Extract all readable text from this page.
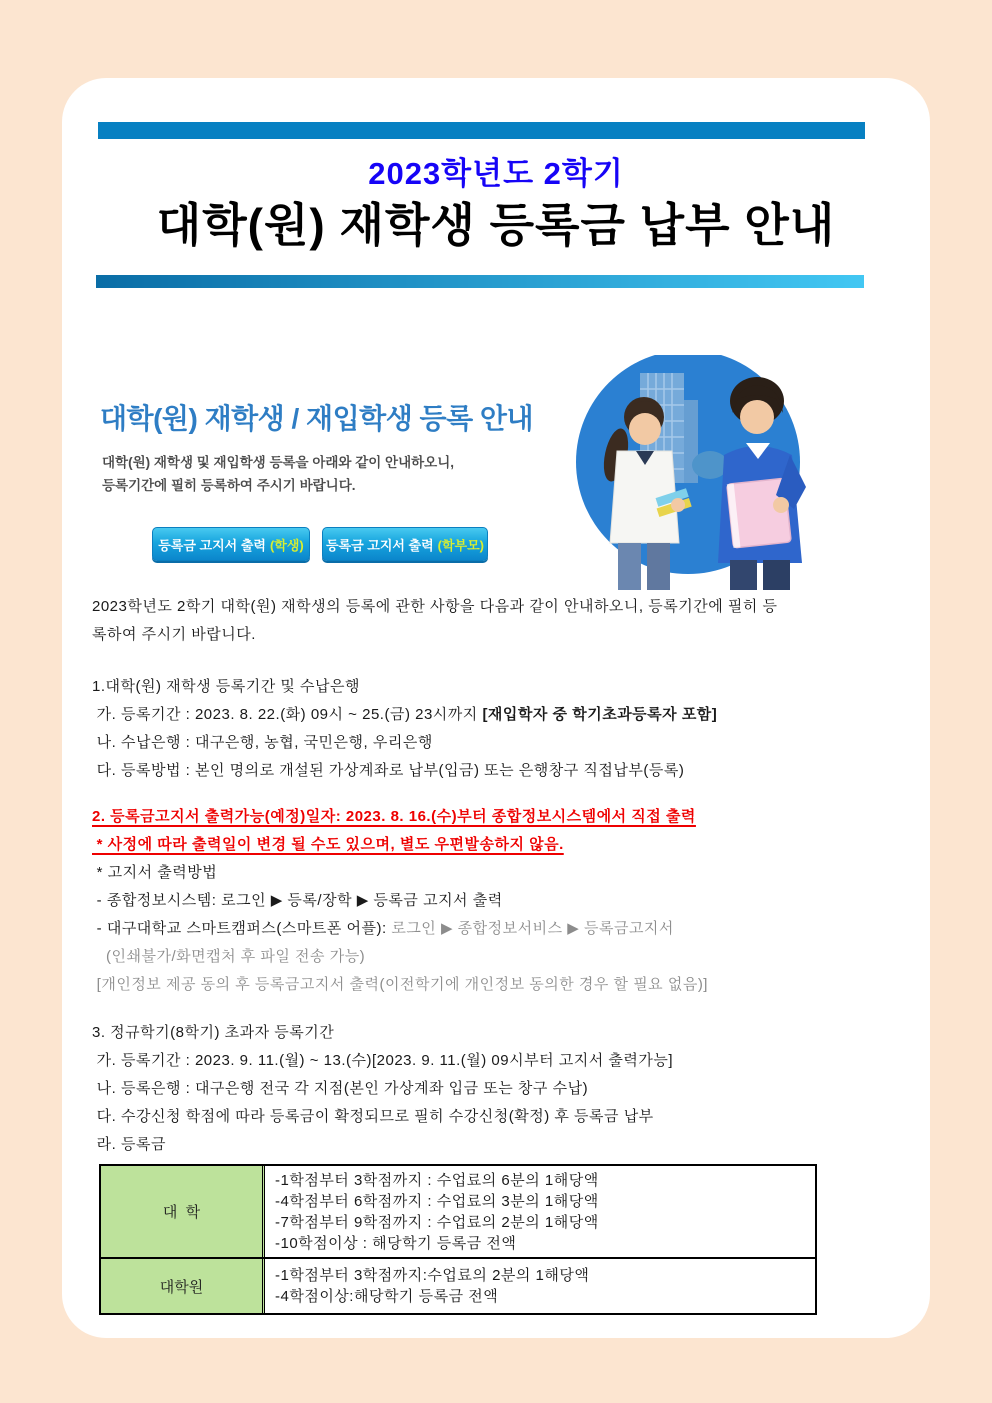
2023학년도 2학기
대학(원) 재학생 등록금 납부 안내
대학(원) 재학생 / 재입학생 등록 안내
대학(원) 재학생 및 재입학생 등록을 아래와 같이 안내하오니,
등록기간에 필히 등록하여 주시기 바랍니다.
등록금 고지서 출력 (학생) 등록금 고지서 출력 (학부모)
2023학년도 2학기 대학(원) 재학생의 등록에 관한 사항을 다음과 같이 안내하오니, 등록기간에 필히 등
록하여 주시기 바랍니다.
1.대학(원) 재학생 등록기간 및 수납은행
가. 등록기간 : 2023. 8. 22.(화) 09시 ~ 25.(금) 23시까지 [재입학자 중 학기초과등록자 포함]
나. 수납은행 : 대구은행, 농협, 국민은행, 우리은행
다. 등록방법 : 본인 명의로 개설된 가상계좌로 납부(입금) 또는 은행창구 직접납부(등록)
2. 등록금고지서 출력가능(예정)일자: 2023. 8. 16.(수)부터 종합정보시스템에서 직접 출력
* 사정에 따라 출력일이 변경 될 수도 있으며, 별도 우편발송하지 않음.
* 고지서 출력방법
- 종합정보시스템: 로그인 ▶ 등록/장학 ▶ 등록금 고지서 출력
- 대구대학교 스마트캠퍼스(스마트폰 어플): 로그인 ▶ 종합정보서비스 ▶ 등록금고지서
(인쇄불가/화면캡처 후 파일 전송 가능)
[개인정보 제공 동의 후 등록금고지서 출력(이전학기에 개인정보 동의한 경우 할 필요 없음)]
3. 정규학기(8학기) 초과자 등록기간
가. 등록기간 : 2023. 9. 11.(월) ~ 13.(수)[2023. 9. 11.(월) 09시부터 고지서 출력가능]
나. 등록은행 : 대구은행 전국 각 지점(본인 가상계좌 입금 또는 창구 수납)
다. 수강신청 학점에 따라 등록금이 확정되므로 필히 수강신청(확정) 후 등록금 납부
라. 등록금
대  학
-1학점부터 3학점까지 : 수업료의 6분의 1해당액
-4학점부터 6학점까지 : 수업료의 3분의 1해당액
-7학점부터 9학점까지 : 수업료의 2분의 1해당액
-10학점이상 : 해당학기 등록금 전액
대학원
-1학점부터 3학점까지:수업료의 2분의 1해당액
-4학점이상:해당학기 등록금 전액
